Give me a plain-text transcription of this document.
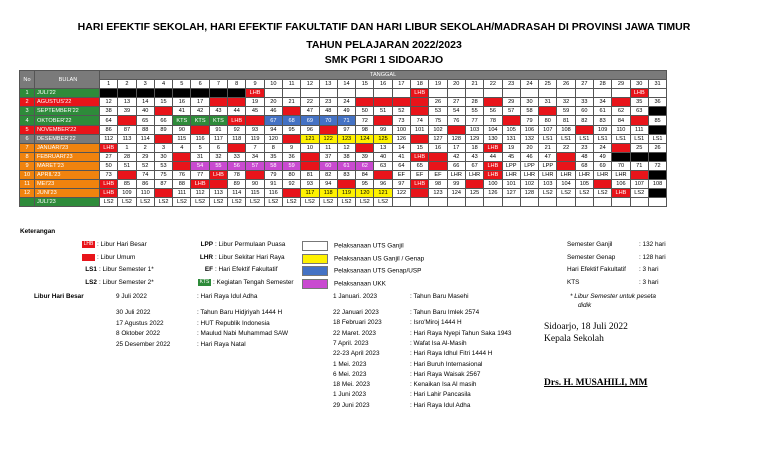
HARI EFEKTIF SEKOLAH, HARI EFEKTIF FAKULTATIF DAN HARI LIBUR SEKOLAH/MADRASAH DI PROVINSI JAWA TIMUR
TAHUN PELAJARAN 2022/2023
SMK PGRI 1 SIDOARJO
No	BULAN	TANGGAL																														
		1	2	3	4	5	6	7	8	9	10	11	12	13	14	15	16	17	18	19	20	21	22	23	24	25	26	27	28	29	30	31
1	JULI'22									LHB									LHB												LHB	
2	AGUSTUS'22	12	13	14	15	16	17			19	20	21	22	23	24					26	27	28		29	30	31	32	33	34		35	36
3	SEPTEMBER'22	38	39	40		41	42	43	44	45	46		47	48	49	50	51	52		53	54	55	56	57	58		59	60	61	62	63	
4	OKTOBER'22	64		65	66	KTS	KTS	KTS	LHB		67	68	69	70	71	72		73	74	75	76	77	78		79	80	81	82	83	84		85
5	NOVEMBER'22	86	87	88	89	90		91	92	93	94	95	96		97	98	99	100	101	102		103	104	105	106	107	108		109	110	111	
6	DESEMBER'22	112	113	114		115	116	117	118	119	120		121	122	123	124	125	126		127	128	129	130	131	132	LS1	LS1	LS1	LS1	LS1	LS1	LS1
7	JANUARI'23	LHB	1	2	3	4	5	6		7	8	9	10	11	12		13	14	15	16	17	18	LHB	19	20	21	22	23	24		25	26
8	FEBRUARI'23	27	28	29	30		31	32	33	34	35	36		37	38	39	40	41	LHB		42	43	44	45	46	47		48	49			
9	MARET'23	50	51	52	53		54	55	56	57	58	59		60	61	62	63	64	65		66	67	LHB	LPP	LPP	LPP		68	69	70	71	72
10	APRIL'23	73		74	75	76	77	LHB	78		79	80	81	82	83	84		EF	EF	EF	LHR	LHR	LHB	LHR	LHR	LHR	LHR	LHR	LHR	LHR		
11	MEI'23	LHB	85	86	87	88	LHB		89	90	91	92	93	94		95	96	97	LHB	98	99		100	101	102	103	104	105		106	107	108
12	JUNI'23	LHB	109	110		111	112	113	114	115	116		117	118	119	120	121	122		123	124	125	126	127	128	LS2	LS2	LS2	LS2	LHB	LS2	
	JULI'23	LS2	LS2	LS2	LS2	LS2	LS2	LS2	LS2	LS2	LS2	LS2	LS2	LS2	LS2	LS2	LS2															
Keterangan
LHB : Libur Hari Besar
: Libur Umum
LS1 : Libur Semester 1*
LS2 : Libur Semester 2*
LPP : Libur Permulaan Puasa
LHR : Libur Sekitar Hari Raya
EF : Hari Efektif Fakultatif
KTS : Kegiatan Tengah Semester
Pelaksanaan UTS Ganjil
Pelaksanaan US Ganjil / Genap
Pelaksanaan UTS Genap/USP
Pelaksanaan UKK
Semester Ganjil	: 132 hari
Semester Genap	: 128 hari
Hari Efektif Fakultatif : 3 hari
KTS	: 3 hari
Libur Hari Besar	9 Juli 2022	: Hari Raya Idul Adha
30 Juli 2022	: Tahun Baru Hidjriyah 1444 H
17 Agustus 2022	: HUT Republik Indonesia
8 Oktober 2022	: Maulud Nabi Muhammad SAW
25 Desember 2022	: Hari Raya Natal
1 Januari. 2023	: Tahun Baru Masehi
22 Januari 2023	: Tahun Baru Imlek 2574
18 Februari 2023	: Isro'Miroj 1444 H
22 Maret. 2023	: Hari Raya Nyepi Tahun Saka 1943
7 April. 2023	: Wafat Isa Al-Masih
22-23 April 2023	: Hari Raya Idhul Fitri 1444 H
1 Mei. 2023	: Hari Buruh Internasional
6 Mei. 2023	: Hari Raya Waisak 2567
18 Mei. 2023	: Kenaikan Isa Al masih
1 Juni 2023	: Hari Lahir Pancasila
29 Juni 2023	: Hari Raya Idul Adha
* Libur Semester untuk peseta
didik
Sidoarjo, 18 Juli 2022
Kepala Sekolah
Drs. H. MUSAHILI, MM
